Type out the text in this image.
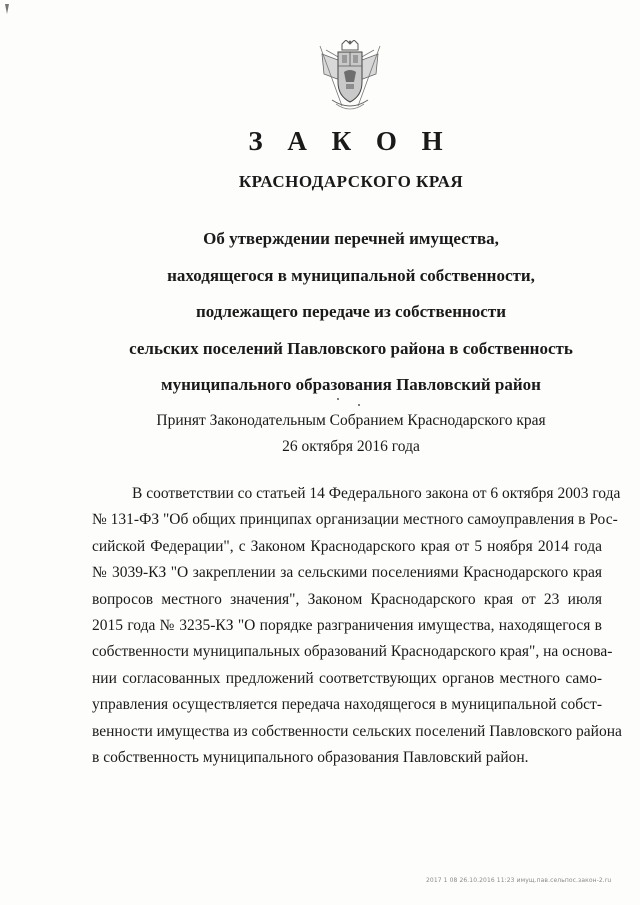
З А К О Н
КРАСНОДАРСКОГО КРАЯ
Об утверждении перечней имущества,
находящегося в муниципальной собственности,
подлежащего передаче из собственности
сельских поселений Павловского района в собственность
муниципального образования Павловский район
Принят Законодательным Собранием Краснодарского края
26 октября 2016 года
В соответствии со статьей 14 Федерального закона от 6 октября 2003 года
№ 131-ФЗ "Об общих принципах организации местного самоуправления в Рос-
сийской Федерации", с Законом Краснодарского края от 5 ноября 2014 года
№ 3039-КЗ "О закреплении за сельскими поселениями Краснодарского края
вопросов местного значения", Законом Краснодарского края от 23 июля
2015 года № 3235-КЗ "О порядке разграничения имущества, находящегося в
собственности муниципальных образований Краснодарского края", на основа-
нии согласованных предложений соответствующих органов местного само-
управления осуществляется передача находящегося в муниципальной собст-
венности имущества из собственности сельских поселений Павловского района
в собственность муниципального образования Павловский район.
2017 1 08 26.10.2016 11:23 имущ.пав.сельпос.закон-2.ru
